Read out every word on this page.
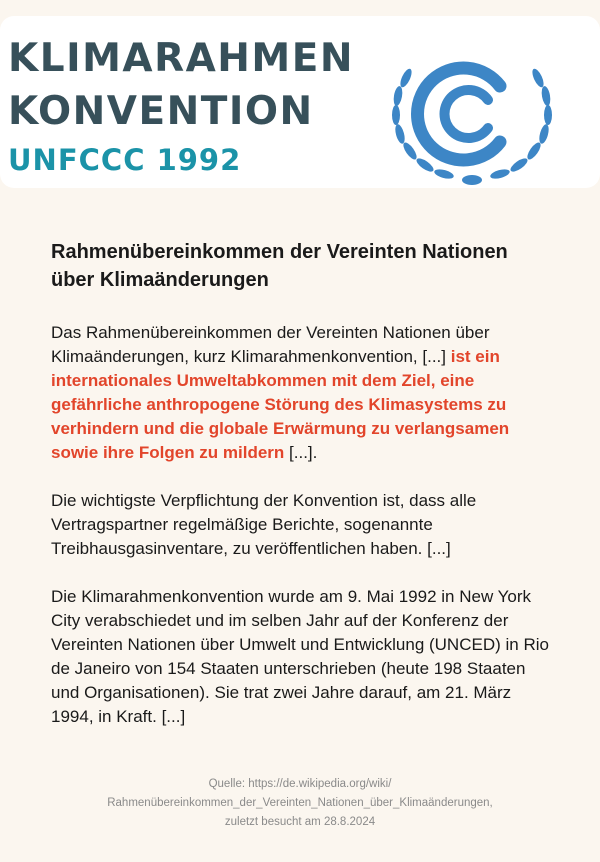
KLIMARAHMEN
KONVENTION
UNFCCC 1992

Rahmenübereinkommen der Vereinten Nationen über Klimaänderungen

Das Rahmenübereinkommen der Vereinten Nationen über Klimaänderungen, kurz Klimarahmenkonvention, [...] ist ein internationales Umweltabkommen mit dem Ziel, eine gefährliche anthropogene Störung des Klimasystems zu verhindern und die globale Erwärmung zu verlangsamen sowie ihre Folgen zu mildern [...].

Die wichtigste Verpflichtung der Konvention ist, dass alle Vertragspartner regelmäßige Berichte, sogenannte Treibhausgasinventare, zu veröffentlichen haben. [...]

Die Klimarahmenkonvention wurde am 9. Mai 1992 in New York City verabschiedet und im selben Jahr auf der Konferenz der Vereinten Nationen über Umwelt und Entwicklung (UNCED) in Rio de Janeiro von 154 Staaten unterschrieben (heute 198 Staaten und Organisationen). Sie trat zwei Jahre darauf, am 21. März 1994, in Kraft. [...]

Quelle: https://de.wikipedia.org/wiki/
Rahmenübereinkommen_der_Vereinten_Nationen_über_Klimaänderungen,
zuletzt besucht am 28.8.2024
